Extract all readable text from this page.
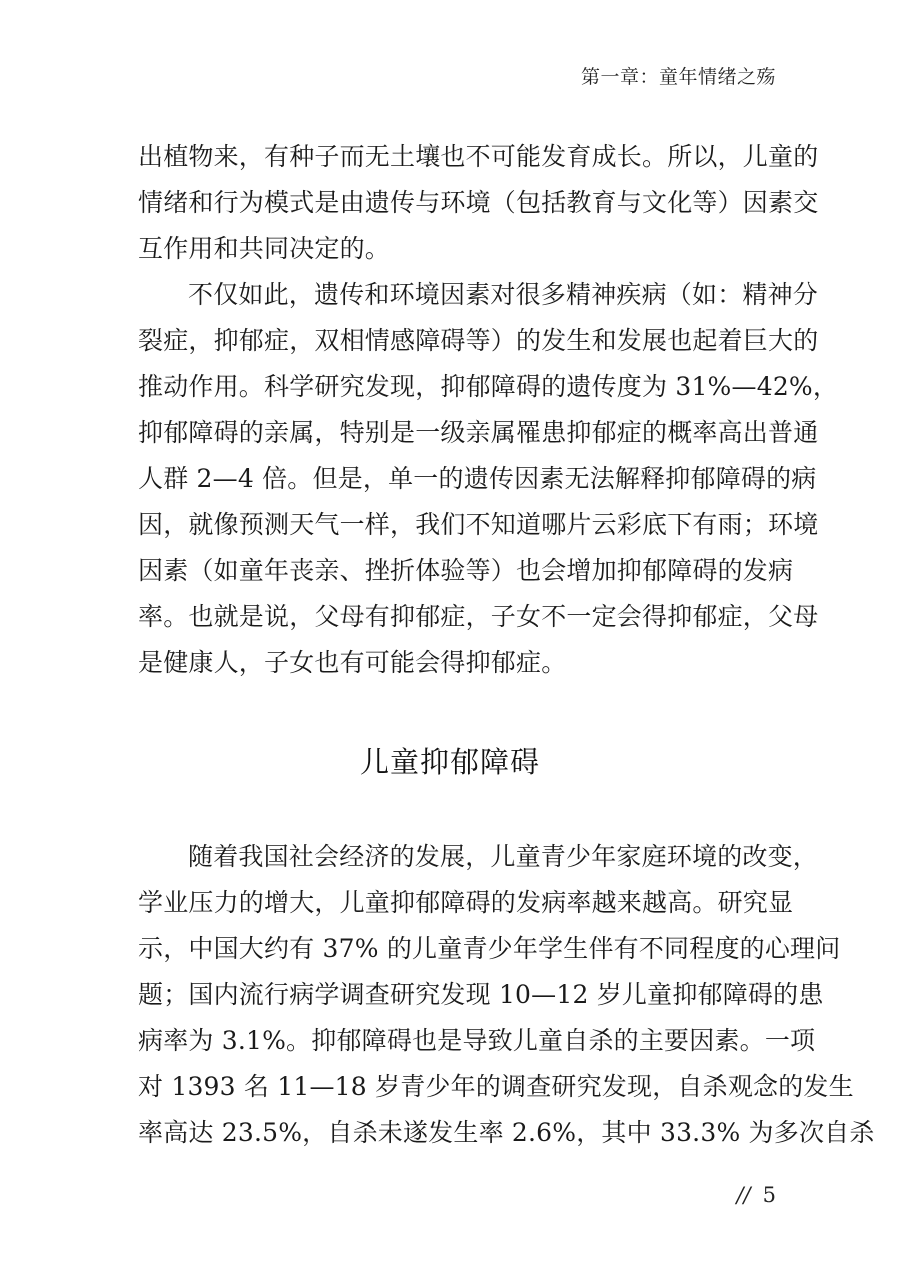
第一章：童年情绪之殇
出植物来，有种子而无土壤也不可能发育成长。所以，儿童的
情绪和行为模式是由遗传与环境（包括教育与文化等）因素交
互作用和共同决定的。
不仅如此，遗传和环境因素对很多精神疾病（如：精神分
裂症，抑郁症，双相情感障碍等）的发生和发展也起着巨大的
推动作用。科学研究发现，抑郁障碍的遗传度为 31%—42%，
抑郁障碍的亲属，特别是一级亲属罹患抑郁症的概率高出普通
人群 2—4 倍。但是，单一的遗传因素无法解释抑郁障碍的病
因，就像预测天气一样，我们不知道哪片云彩底下有雨；环境
因素（如童年丧亲、挫折体验等）也会增加抑郁障碍的发病
率。也就是说，父母有抑郁症，子女不一定会得抑郁症，父母
是健康人，子女也有可能会得抑郁症。
儿童抑郁障碍
随着我国社会经济的发展，儿童青少年家庭环境的改变，
学业压力的增大，儿童抑郁障碍的发病率越来越高。研究显
示，中国大约有 37% 的儿童青少年学生伴有不同程度的心理问
题；国内流行病学调查研究发现 10—12 岁儿童抑郁障碍的患
病率为 3.1%。抑郁障碍也是导致儿童自杀的主要因素。一项
对 1393 名 11—18 岁青少年的调查研究发现，自杀观念的发生
率高达 23.5%，自杀未遂发生率 2.6%，其中 33.3% 为多次自杀
// 5
